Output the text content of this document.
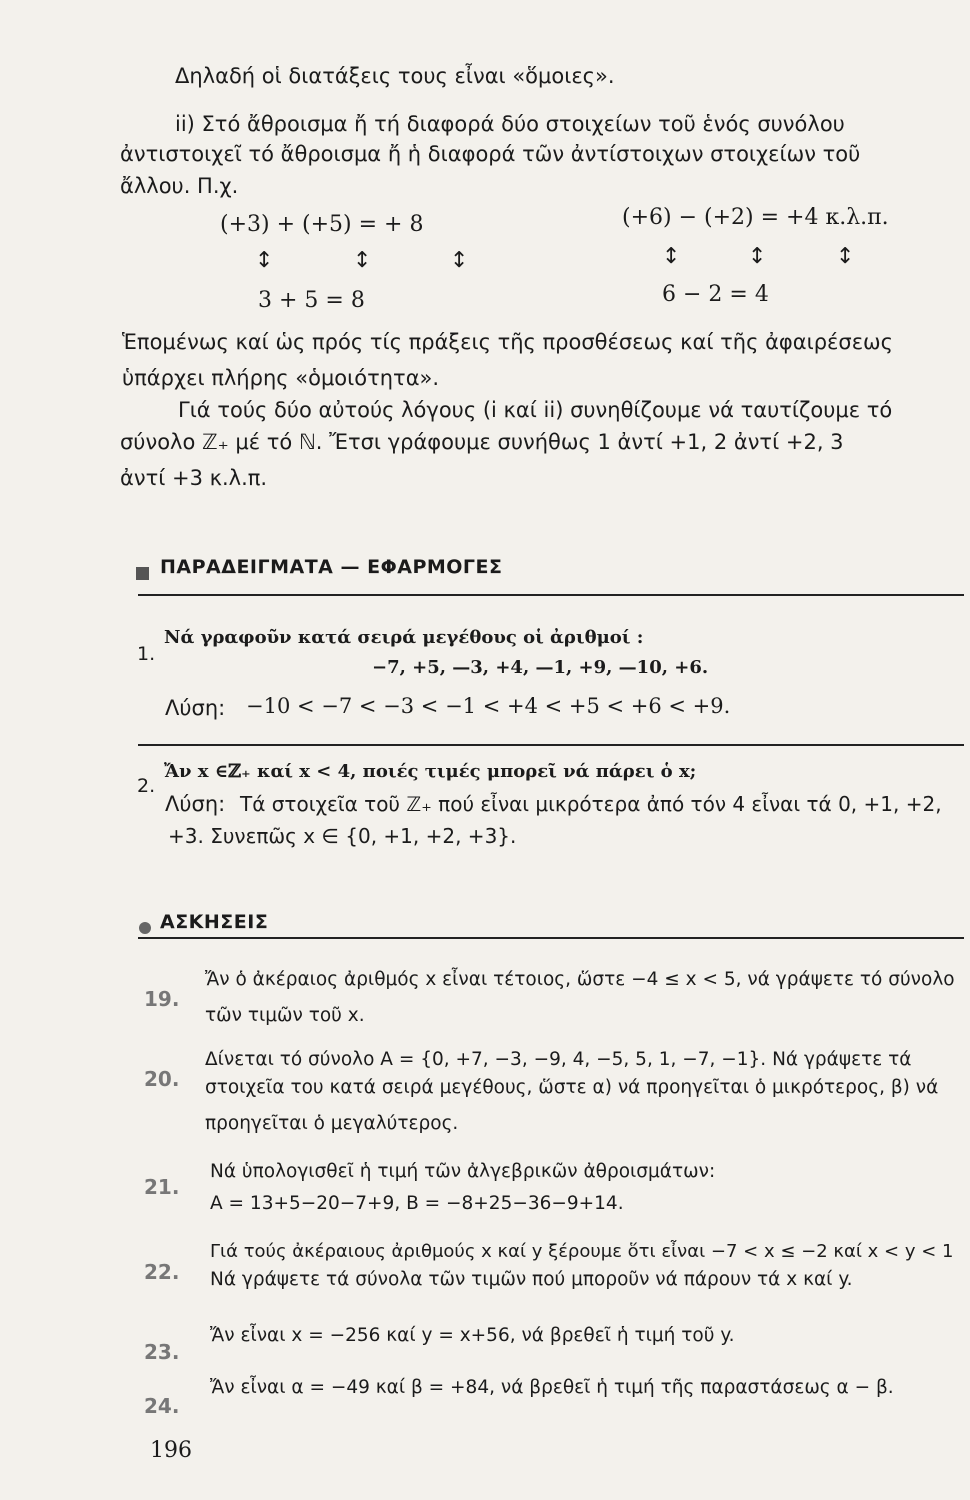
Δηλαδή οἱ διατάξεις τους εἶναι «ὅμοιες».
ii) Στό ἄθροισμα ἤ τή διαφορά δύο στοιχείων τοῦ ἑνός συνόλου
ἀντιστοιχεῖ τό ἄθροισμα ἤ ἡ διαφορά τῶν ἀντίστοιχων στοιχείων τοῦ
ἄλλου. Π.χ.
(+3) + (+5) = + 8	(+6) − (+2) = +4 κ.λ.π.
↕	↕	↕	↕	↕	↕
3 + 5 = 8	6 − 2 = 4
Ἑπομένως καί ὡς πρός τίς πράξεις τῆς προσθέσεως καί τῆς ἀφαιρέσεως
ὑπάρχει πλήρης «ὁμοιότητα».
Γιά τούς δύο αὐτούς λόγους (i καί ii) συνηθίζουμε νά ταυτίζουμε τό
σύνολο ℤ₊ μέ τό ℕ. Ἔτσι γράφουμε συνήθως 1 ἀντί +1, 2 ἀντί +2, 3
ἀντί +3 κ.λ.π.
ΠΑΡΑΔΕΙΓΜΑΤΑ — ΕΦΑΡΜΟΓΕΣ
1.
Νά γραφοῦν κατά σειρά μεγέθους οἱ ἀριθμοί :
−7, +5, —3, +4, —1, +9, —10, +6.
Λύση: −10 < −7 < −3 < −1 < +4 < +5 < +6 < +9.
2.
Ἄν x ∈ℤ₊ καί x < 4, ποιές τιμές μπορεῖ νά πάρει ὁ x;
Λύση: Τά στοιχεῖα τοῦ ℤ₊ πού εἶναι μικρότερα ἀπό τόν 4 εἶναι τά 0, +1, +2,
+3. Συνεπῶς x ∈ {0, +1, +2, +3}.
ΑΣΚΗΣΕΙΣ
19.
Ἄν ὁ ἀκέραιος ἀριθμός x εἶναι τέτοιος, ὥστε −4 ≤ x < 5, νά γράψετε τό σύνολο
τῶν τιμῶν τοῦ x.
20.
Δίνεται τό σύνολο A = {0, +7, −3, −9, 4, −5, 5, 1, −7, −1}. Νά γράψετε τά
στοιχεῖα του κατά σειρά μεγέθους, ὥστε α) νά προηγεῖται ὁ μικρότερος, β) νά
προηγεῖται ὁ μεγαλύτερος.
21.
Νά ὑπολογισθεῖ ἡ τιμή τῶν ἀλγεβρικῶν ἀθροισμάτων:
A = 13+5−20−7+9, B = −8+25−36−9+14.
22.
Γιά τούς ἀκέραιους ἀριθμούς x καί y ξέρουμε ὅτι εἶναι −7 < x ≤ −2 καί x < y < 1
Νά γράψετε τά σύνολα τῶν τιμῶν πού μποροῦν νά πάρουν τά x καί y.
23.
Ἄν εἶναι x = −256 καί y = x+56, νά βρεθεῖ ἡ τιμή τοῦ y.
24.
Ἄν εἶναι α = −49 καί β = +84, νά βρεθεῖ ἡ τιμή τῆς παραστάσεως α − β.
196
